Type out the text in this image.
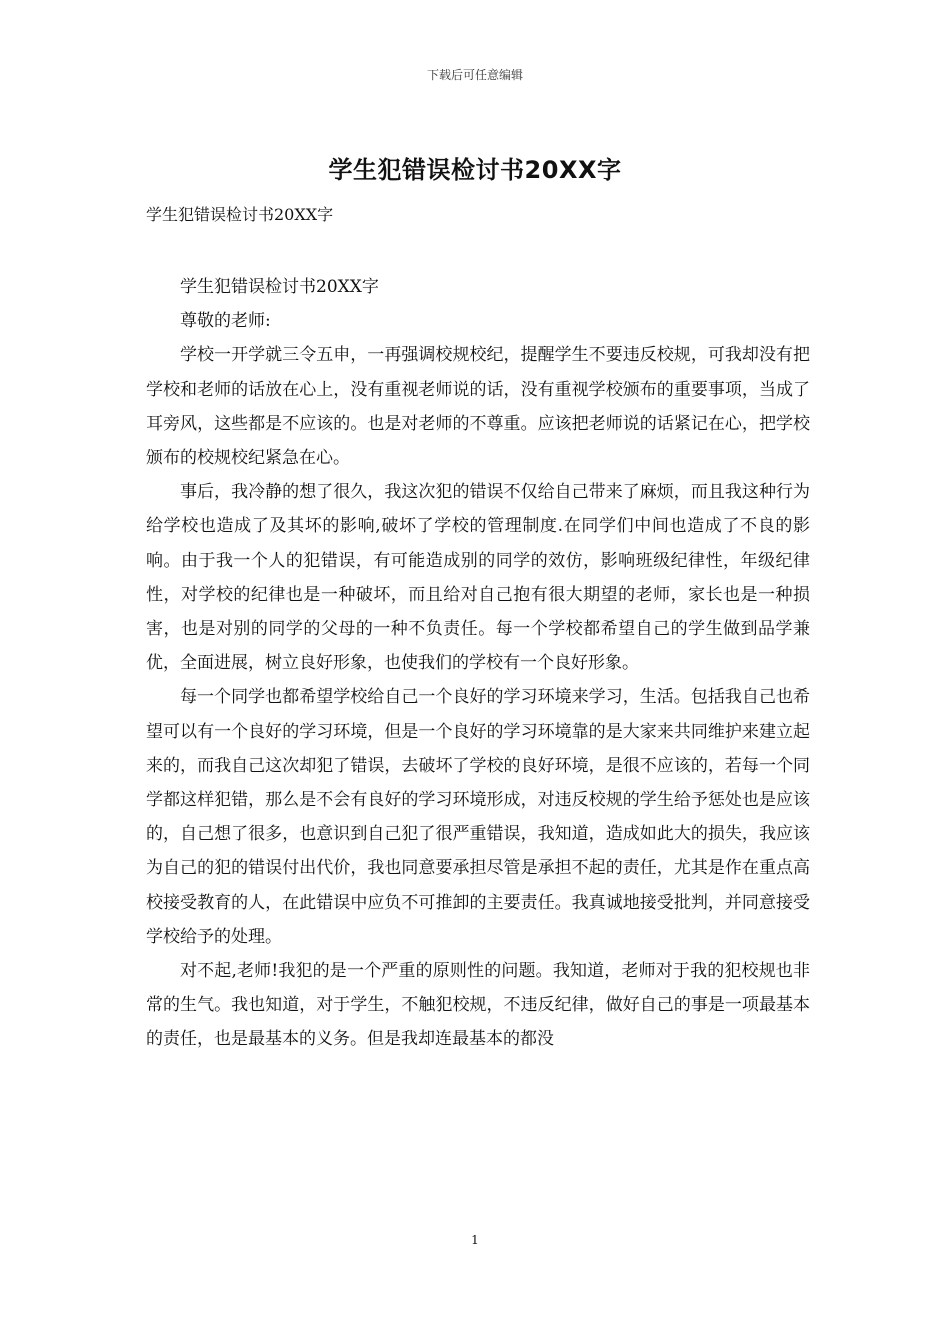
下载后可任意编辑
学生犯错误检讨书20XX字
学生犯错误检讨书20XX字

学生犯错误检讨书20XX字

尊敬的老师:

学校一开学就三令五申，一再强调校规校纪，提醒学生不要违反校规，可我却没有把学校和老师的话放在心上，没有重视老师说的话，没有重视学校颁布的重要事项，当成了耳旁风，这些都是不应该的。也是对老师的不尊重。应该把老师说的话紧记在心，把学校颁布的校规校纪紧急在心。

事后，我冷静的想了很久，我这次犯的错误不仅给自己带来了麻烦，而且我这种行为给学校也造成了及其坏的影响,破坏了学校的管理制度.在同学们中间也造成了不良的影响。由于我一个人的犯错误，有可能造成别的同学的效仿，影响班级纪律性，年级纪律性，对学校的纪律也是一种破坏，而且给对自己抱有很大期望的老师，家长也是一种损害，也是对别的同学的父母的一种不负责任。每一个学校都希望自己的学生做到品学兼优，全面进展，树立良好形象，也使我们的学校有一个良好形象。

每一个同学也都希望学校给自己一个良好的学习环境来学习，生活。包括我自己也希望可以有一个良好的学习环境，但是一个良好的学习环境靠的是大家来共同维护来建立起来的，而我自己这次却犯了错误，去破坏了学校的良好环境，是很不应该的，若每一个同学都这样犯错，那么是不会有良好的学习环境形成，对违反校规的学生给予惩处也是应该的，自己想了很多，也意识到自己犯了很严重错误，我知道，造成如此大的损失，我应该为自己的犯的错误付出代价，我也同意要承担尽管是承担不起的责任，尤其是作在重点高校接受教育的人，在此错误中应负不可推卸的主要责任。我真诚地接受批判，并同意接受学校给予的处理。

对不起,老师!我犯的是一个严重的原则性的问题。我知道，老师对于我的犯校规也非常的生气。我也知道，对于学生，不触犯校规，不违反纪律，做好自己的事是一项最基本的责任，也是最基本的义务。但是我却连最基本的都没

1
